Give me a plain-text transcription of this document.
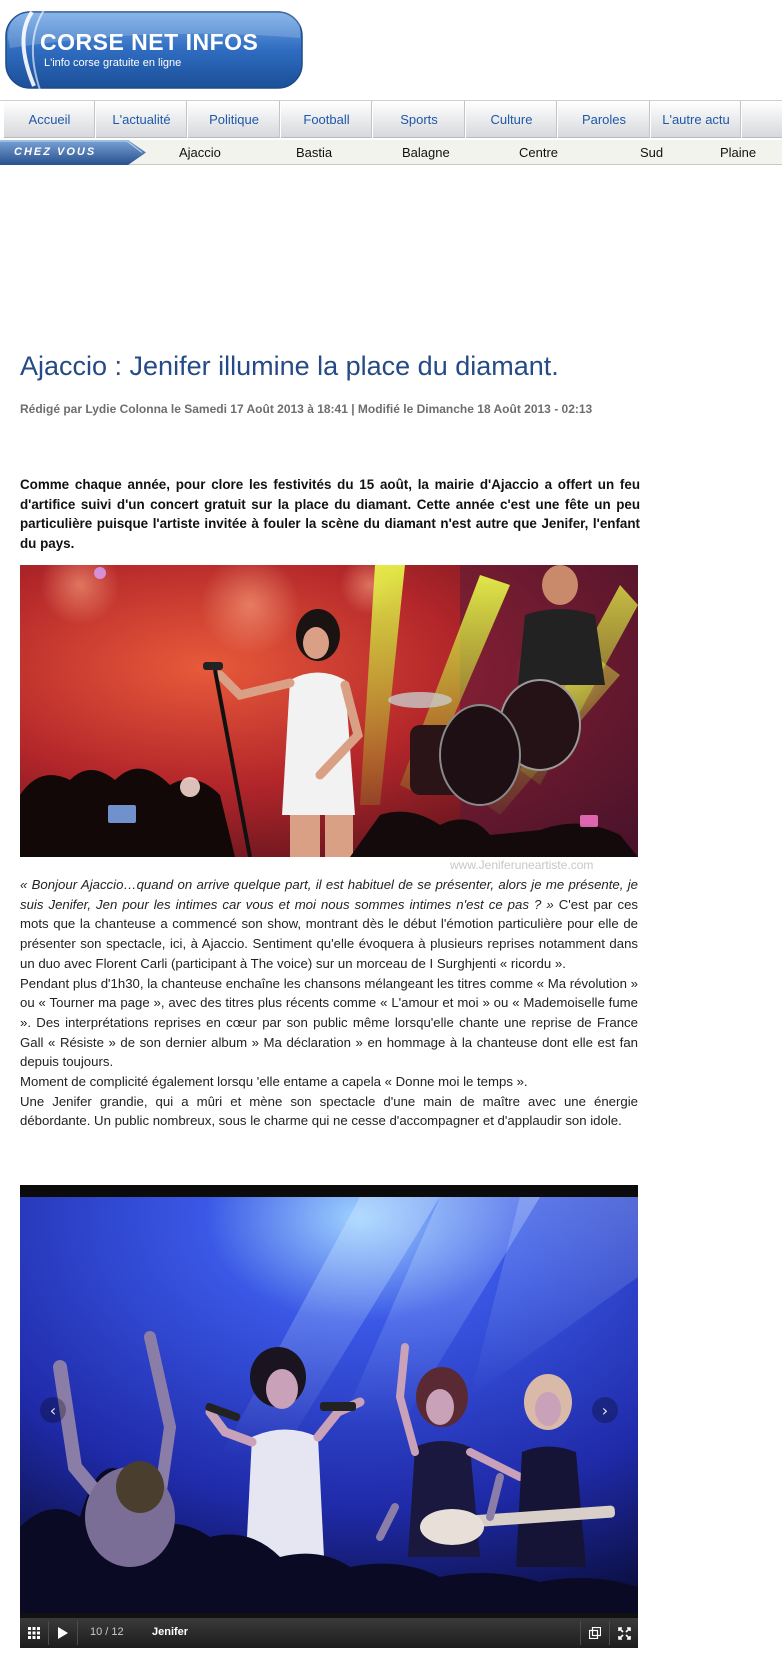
CORSE NET INFOS
L'info corse gratuite en ligne
Accueil	L'actualité	Politique	Football	Sports	Culture	Paroles	L'autre actu
CHEZ VOUS	Ajaccio	Bastia	Balagne	Centre	Sud	Plaine
Ajaccio : Jenifer illumine la place du diamant.
Rédigé par Lydie Colonna le Samedi 17 Août 2013 à 18:41 | Modifié le Dimanche 18 Août 2013 - 02:13

Comme chaque année, pour clore les festivités du 15 août, la mairie d'Ajaccio a offert un feu d'artifice suivi d'un concert gratuit sur la place du diamant. Cette année c'est une fête un peu particulière puisque l'artiste invitée à fouler la scène du diamant n'est autre que Jenifer, l'enfant du pays.

www.Jeniferuneartiste.com

« Bonjour Ajaccio…quand on arrive quelque part, il est habituel de se présenter, alors je me présente, je suis Jenifer, Jen pour les intimes car vous et moi nous sommes intimes n'est ce pas ? » C'est par ces mots que la chanteuse a commencé son show, montrant dès le début l'émotion particulière pour elle de présenter son spectacle, ici, à Ajaccio. Sentiment qu'elle évoquera à plusieurs reprises notamment dans un duo avec Florent Carli (participant à The voice) sur un morceau de I Surghjenti « ricordu ».

Pendant plus d'1h30, la chanteuse enchaîne les chansons mélangeant les titres comme « Ma révolution » ou « Tourner ma page », avec des titres plus récents comme « L'amour et moi » ou « Mademoiselle fume ». Des interprétations reprises en cœur par son public même lorsqu'elle chante une reprise de France Gall « Résiste » de son dernier album » Ma déclaration » en hommage à la chanteuse dont elle est fan depuis toujours.

Moment de complicité également lorsqu 'elle entame a capela « Donne moi le temps ».

Une Jenifer grandie, qui a mûri et mène son spectacle d'une main de maître avec une énergie débordante. Un public nombreux, sous le charme qui ne cesse d'accompagner et d'applaudir son idole.

‹	›
10 / 12	Jenifer
